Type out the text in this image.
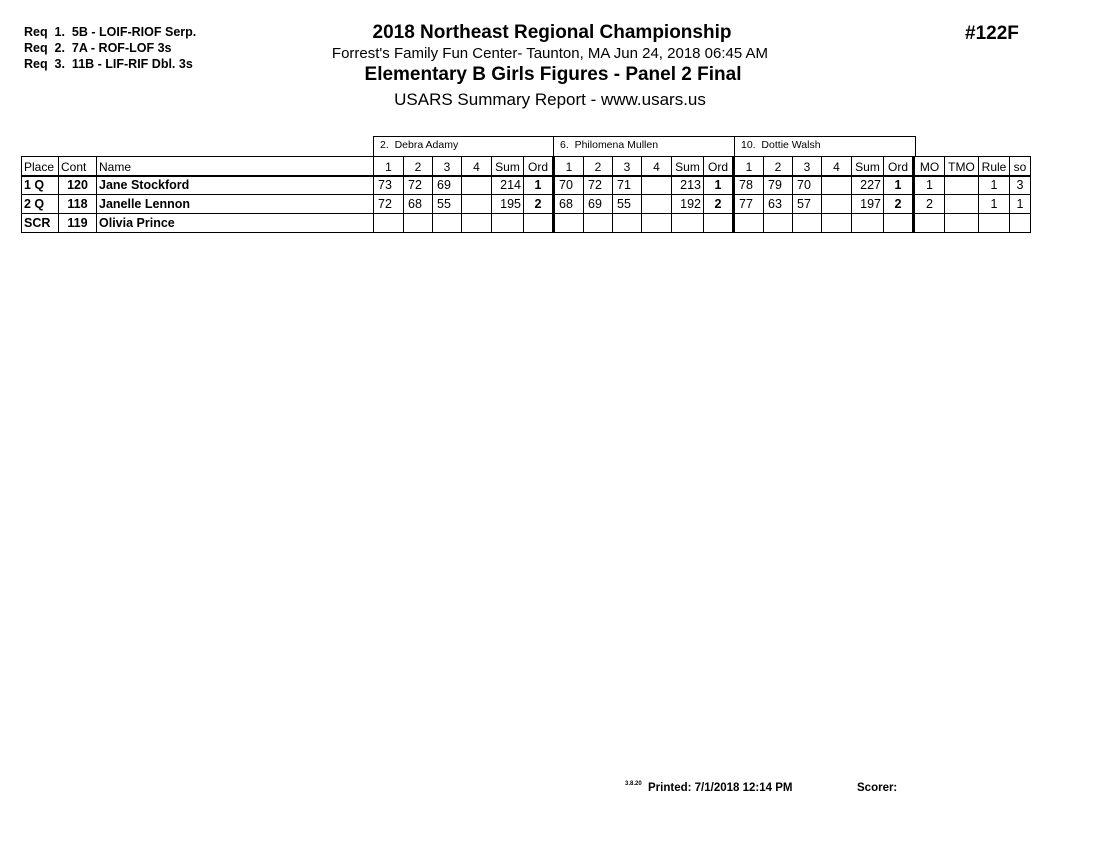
Req  1.  5B - LOIF-RIOF Serp.
Req  2.  7A - ROF-LOF 3s
Req  3.  11B - LIF-RIF Dbl. 3s
2018 Northeast Regional Championship
Forrest's Family Fun Center- Taunton, MA Jun 24, 2018 06:45 AM
Elementary B Girls Figures - Panel 2 Final
USARS Summary Report - www.usars.us
#122F
2.  Debra Adamy	6.  Philomena Mullen	10.  Dottie Walsh
Place	Cont	Name	1	2	3	4	Sum	Ord	1	2	3	4	Sum	Ord	1	2	3	4	Sum	Ord	MO	TMO	Rule	so
1 Q	120	Jane Stockford	73	72	69		214	1	70	72	71		213	1	78	79	70		227	1	1		1	3
2 Q	118	Janelle Lennon	72	68	55		195	2	68	69	55		192	2	77	63	57		197	2	2		1	1
SCR	119	Olivia Prince																						
3.8.20 Printed: 7/1/2018 12:14 PM	Scorer:
